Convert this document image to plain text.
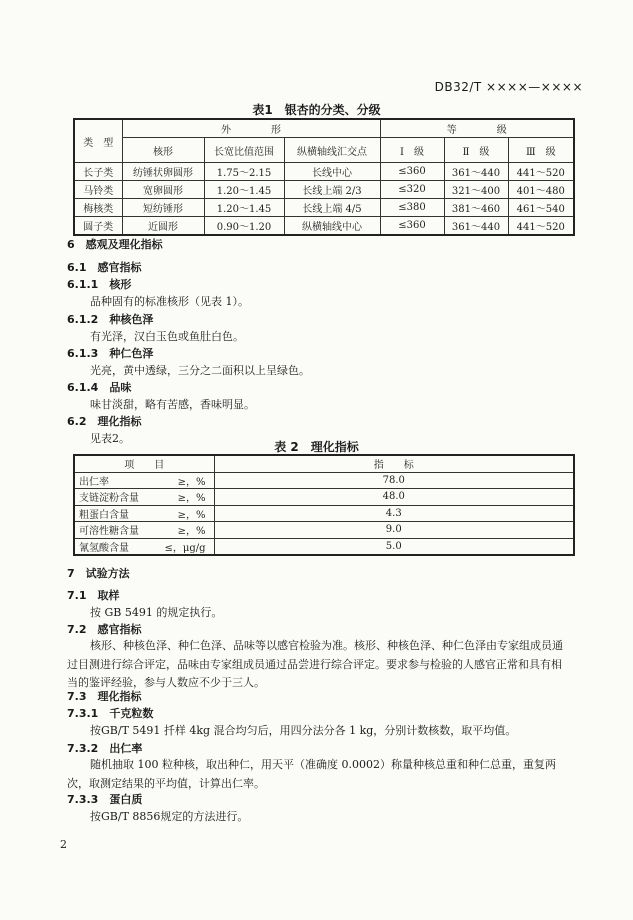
DB32/T ××××—××××
表1　银杏的分类、分级
类　型	外　　　　形			等　　　　级		
	核形	长宽比值范围	纵横轴线汇交点	Ⅰ　级	Ⅱ　级	Ⅲ　级
长子类	纺锤状卵圆形	1.75～2.15	长线中心	≤360	361～440	441～520
马铃类	宽卵圆形	1.20～1.45	长线上端 2/3	≤320	321～400	401～480
梅核类	短纺锤形	1.20～1.45	长线上端 4/5	≤380	381～460	461～540
圆子类	近圆形	0.90～1.20	纵横轴线中心	≤360	361～440	441～520
6　感观及理化指标
6.1　感官指标
6.1.1　核形
品种固有的标准核形（见表 1）。
6.1.2　种核色泽
有光泽，汉白玉色或鱼肚白色。
6.1.3　种仁色泽
光亮，黄中透绿，三分之二面积以上呈绿色。
6.1.4　品味
味甘淡甜，略有苦感，香味明显。
6.2　理化指标
见表2。
表 2　理化指标
项　　目	指　　标
出仁率 ≥，%	78.0
支链淀粉含量 ≥，%	48.0
粗蛋白含量 ≥，%	4.3
可溶性糖含量 ≥，%	9.0
氰氢酸含量 ≤，μg/g	5.0
7　试验方法
7.1　取样
按 GB 5491 的规定执行。
7.2　感官指标
核形、种核色泽、种仁色泽、品味等以感官检验为准。核形、种核色泽、种仁色泽由专家组成员通过目测进行综合评定，品味由专家组成员通过品尝进行综合评定。要求参与检验的人感官正常和具有相当的鉴评经验，参与人数应不少于三人。
7.3　理化指标
7.3.1　千克粒数
按GB/T 5491 扦样 4kg 混合均匀后，用四分法分各 1 kg，分别计数核数，取平均值。
7.3.2　出仁率
随机抽取 100 粒种核，取出种仁，用天平（准确度 0.0002）称量种核总重和种仁总重，重复两次，取测定结果的平均值，计算出仁率。
7.3.3　蛋白质
按GB/T 8856规定的方法进行。
2
